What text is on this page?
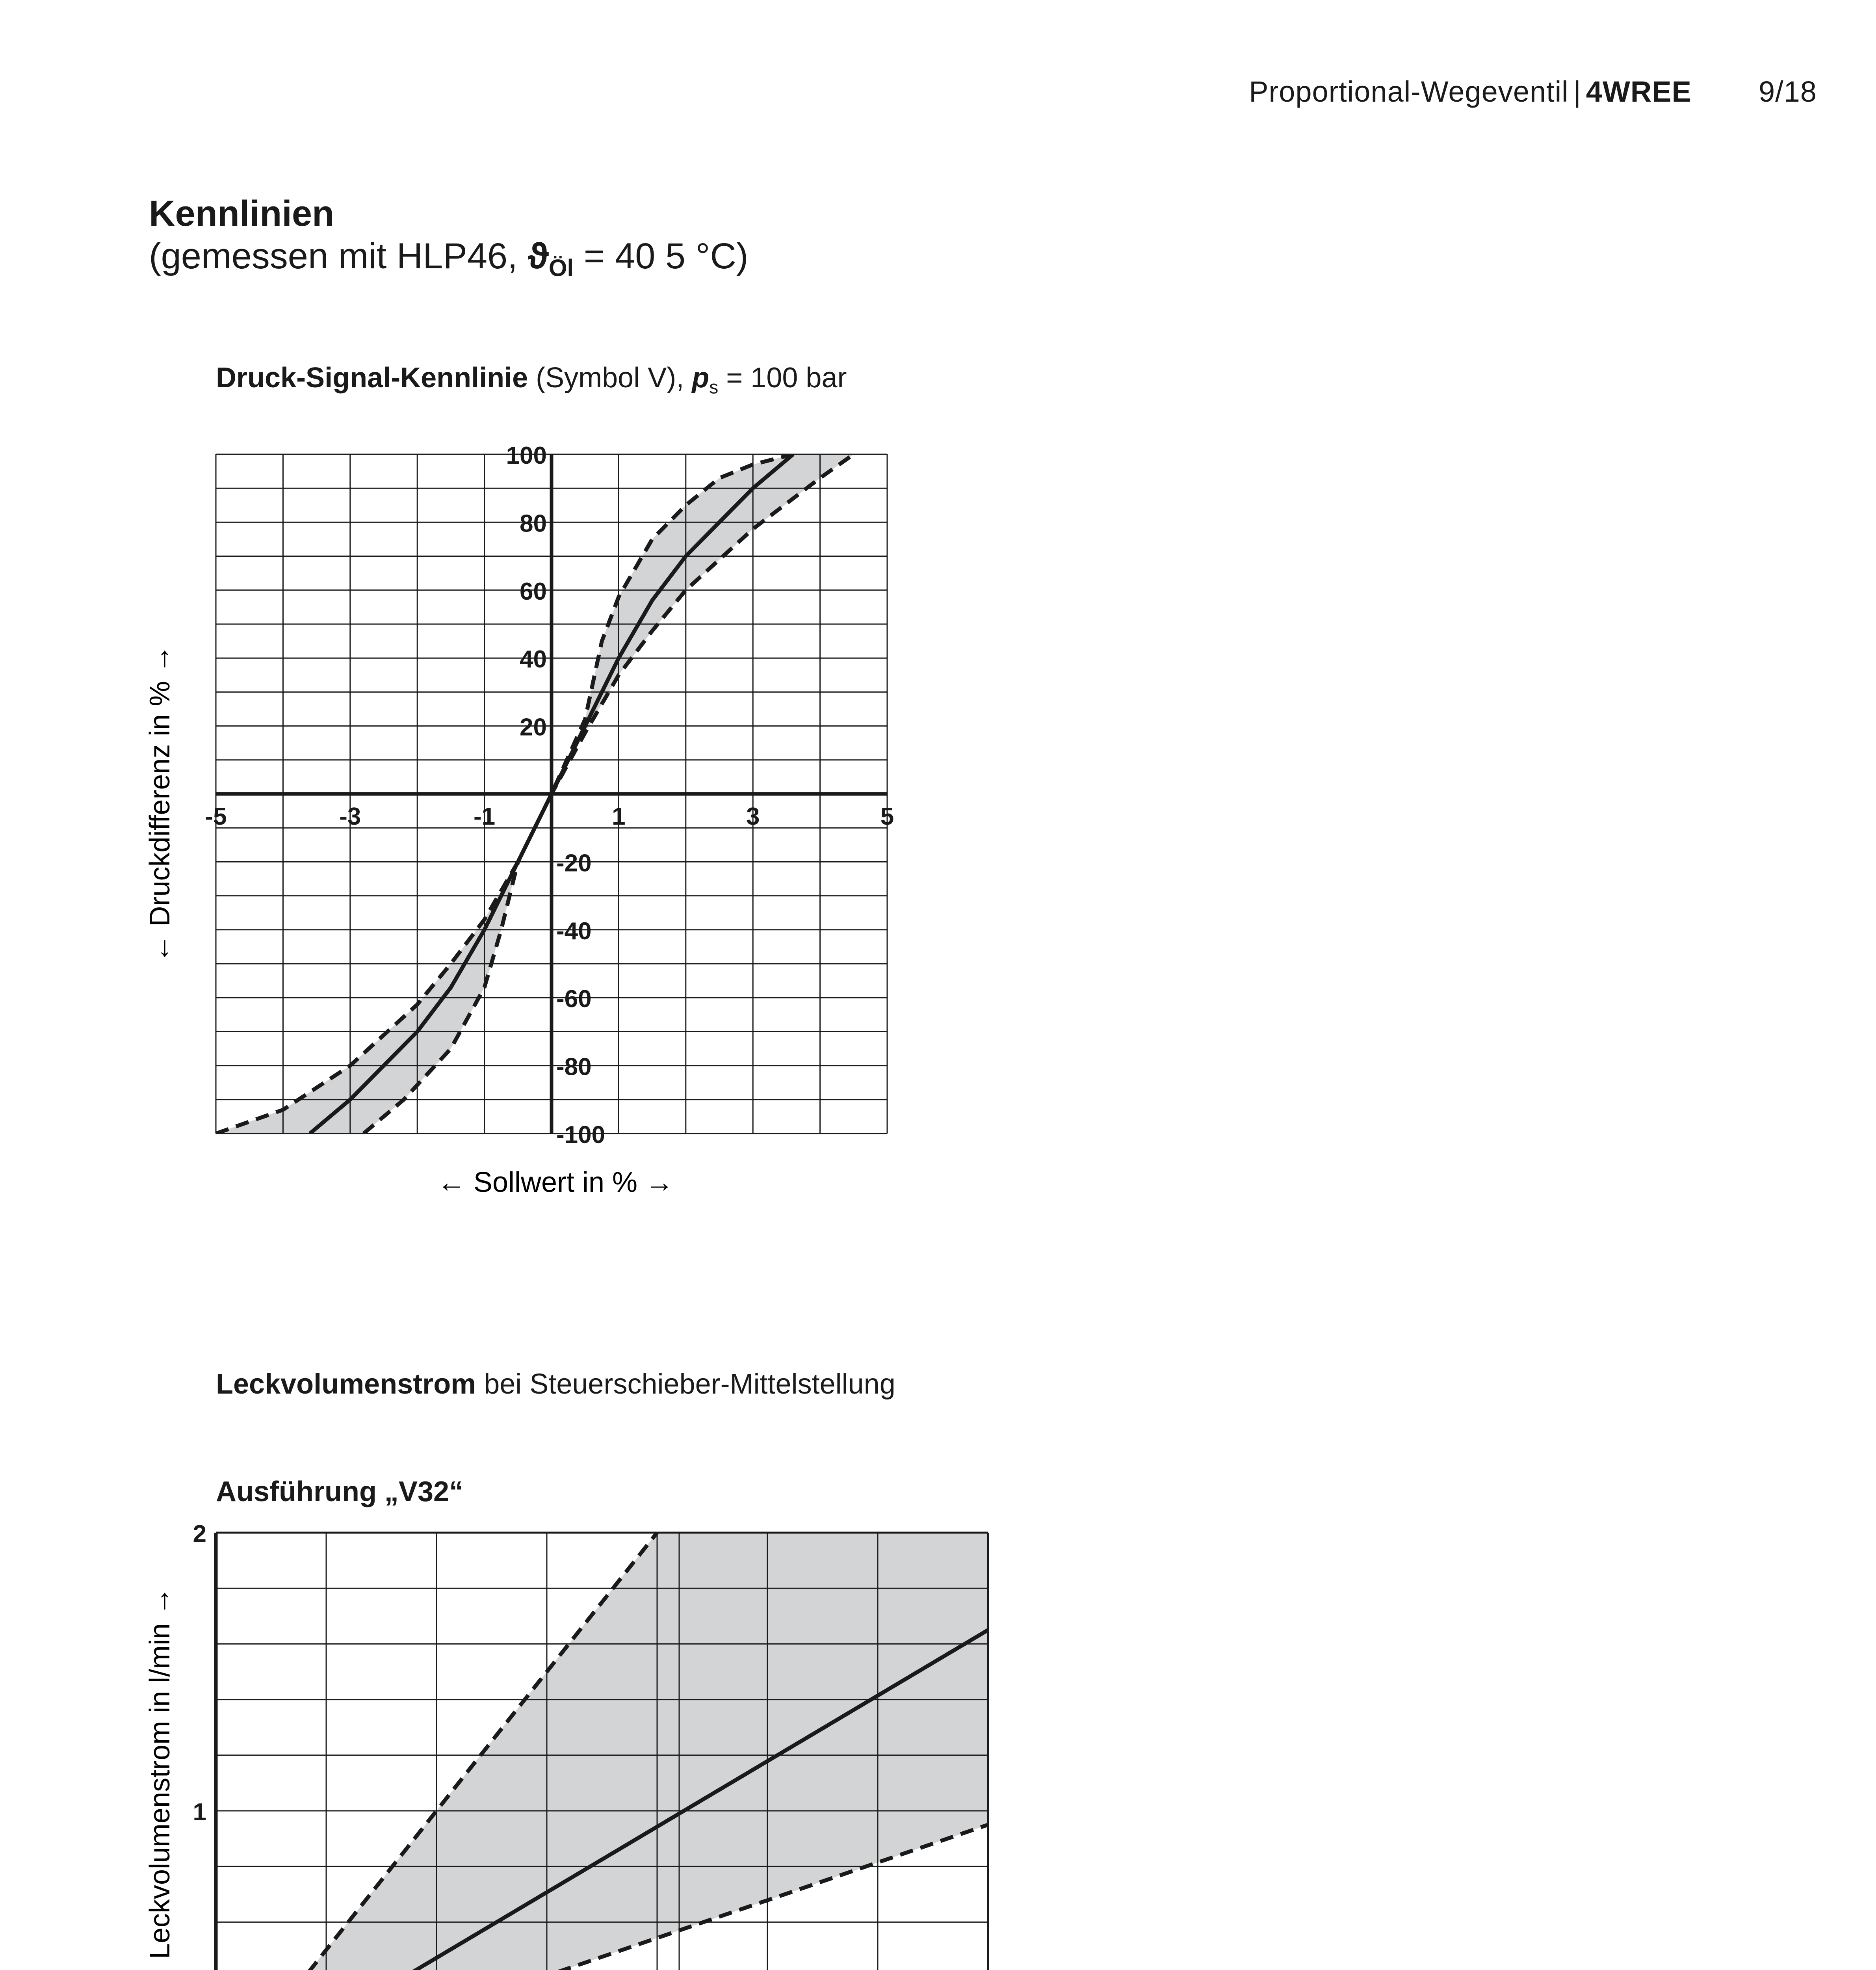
Proportional-Wegeventil | 4WREE 9/18
Kennlinien
(gemessen mit HLP46, $ϑ_{Öl} = 40$ 5 °C)
Druck-Signal-Kennlinie (Symbol V), $p_s = 100$ bar
Leckvolumenstrom bei Steuerschieber-Mittelstellung
Ausführung „V32“
-5	-3	-1	1	3	5
100
80
60
40
20
-20
-40
-60
-80
-100
← Sollwert in % →
← Druckdifferenz in % →
2
1
Leckvolumenstrom in l/min →
